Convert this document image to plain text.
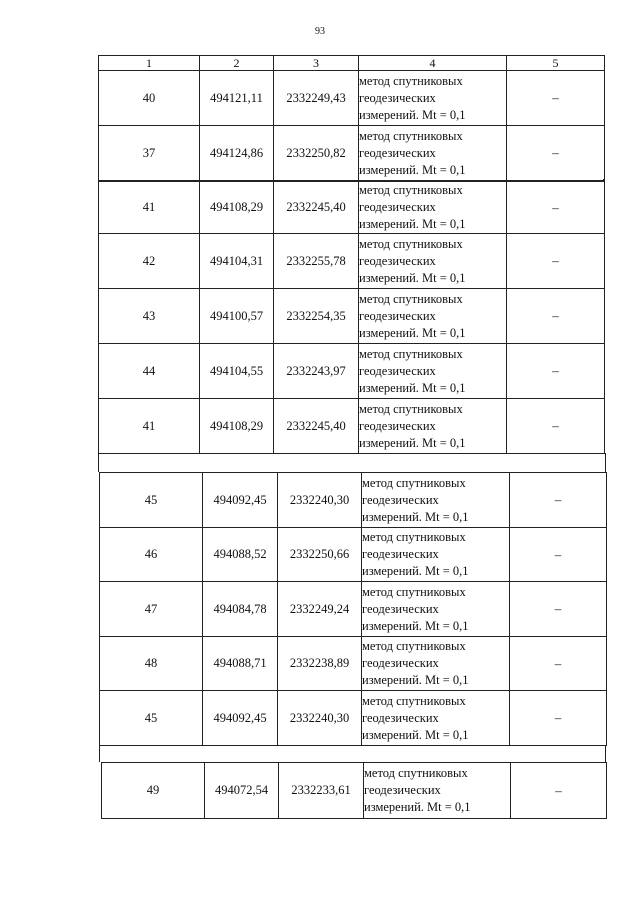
93
1	2	3	4	5
40	494121,11	2332249,43	метод спутниковых
геодезических
измерений. Mt = 0,1	–
37	494124,86	2332250,82	метод спутниковых
геодезических
измерений. Mt = 0,1	–
41	494108,29	2332245,40	метод спутниковых
геодезических
измерений. Mt = 0,1	–
42	494104,31	2332255,78	метод спутниковых
геодезических
измерений. Mt = 0,1	–
43	494100,57	2332254,35	метод спутниковых
геодезических
измерений. Mt = 0,1	–
44	494104,55	2332243,97	метод спутниковых
геодезических
измерений. Mt = 0,1	–
41	494108,29	2332245,40	метод спутниковых
геодезических
измерений. Mt = 0,1	–
45	494092,45	2332240,30	метод спутниковых
геодезических
измерений. Mt = 0,1	–
46	494088,52	2332250,66	метод спутниковых
геодезических
измерений. Mt = 0,1	–
47	494084,78	2332249,24	метод спутниковых
геодезических
измерений. Mt = 0,1	–
48	494088,71	2332238,89	метод спутниковых
геодезических
измерений. Mt = 0,1	–
45	494092,45	2332240,30	метод спутниковых
геодезических
измерений. Mt = 0,1	–
49	494072,54	2332233,61	
метод спутниковых
геодезических
измерений. Mt = 0,1
	–
